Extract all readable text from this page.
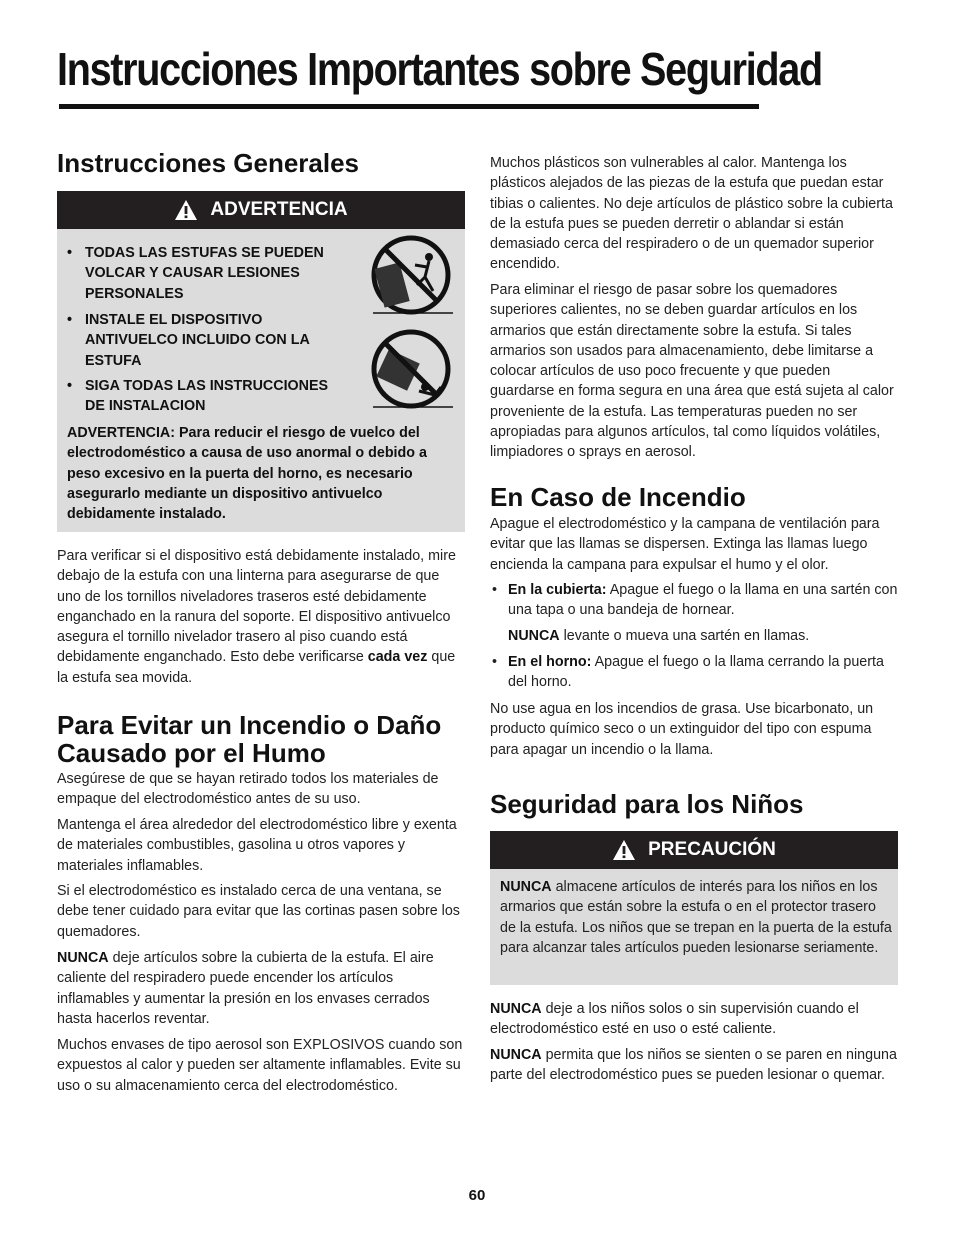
Instrucciones Importantes sobre Seguridad
Instrucciones Generales
ADVERTENCIA

• TODAS LAS ESTUFAS SE PUEDEN VOLCAR Y CAUSAR LESIONES PERSONALES

• INSTALE EL DISPOSITIVO ANTIVUELCO INCLUIDO CON LA ESTUFA

• SIGA TODAS LAS INSTRUCCIONES DE INSTALACION

ADVERTENCIA: Para reducir el riesgo de vuelco del electrodoméstico a causa de uso anormal o debido a peso excesivo en la puerta del horno, es necesario asegurarlo mediante un dispositivo antivuelco debidamente instalado.

Para verificar si el dispositivo está debidamente instalado, mire debajo de la estufa con una linterna para asegurarse de que uno de los tornillos niveladores traseros esté debidamente enganchado en la ranura del soporte. El dispositivo antivuelco asegura el tornillo nivelador trasero al piso cuando está debidamente enganchado. Esto debe verificarse cada vez que la estufa sea movida.

Para Evitar un Incendio o Daño Causado por el Humo

Asegúrese de que se hayan retirado todos los materiales de empaque del electrodoméstico antes de su uso.

Mantenga el área alrededor del electrodoméstico libre y exenta de materiales combustibles, gasolina u otros vapores y materiales inflamables.

Si el electrodoméstico es instalado cerca de una ventana, se debe tener cuidado para evitar que las cortinas pasen sobre los quemadores.

NUNCA deje artículos sobre la cubierta de la estufa. El aire caliente del respiradero puede encender los artículos inflamables y aumentar la presión en los envases cerrados hasta hacerlos reventar.

Muchos envases de tipo aerosol son EXPLOSIVOS cuando son expuestos al calor y pueden ser altamente inflamables. Evite su uso o su almacenamiento cerca del electrodoméstico.

Muchos plásticos son vulnerables al calor. Mantenga los plásticos alejados de las piezas de la estufa que puedan estar tibias o calientes. No deje artículos de plástico sobre la cubierta de la estufa pues se pueden derretir o ablandar si están demasiado cerca del respiradero o de un quemador superior encendido.

Para eliminar el riesgo de pasar sobre los quemadores superiores calientes, no se deben guardar artículos en los armarios que están directamente sobre la estufa. Si tales armarios son usados para almacenamiento, debe limitarse a colocar artículos de uso poco frecuente y que pueden guardarse en forma segura en una área que está sujeta al calor proveniente de la estufa. Las temperaturas pueden no ser apropiadas para algunos artículos, tal como líquidos volátiles, limpiadores o sprays en aerosol.

En Caso de Incendio

Apague el electrodoméstico y la campana de ventilación para evitar que las llamas se dispersen. Extinga las llamas luego encienda la campana para expulsar el humo y el olor.

• En la cubierta: Apague el fuego o la llama en una sartén con una tapa o una bandeja de hornear.

NUNCA levante o mueva una sartén en llamas.

• En el horno: Apague el fuego o la llama cerrando la puerta del horno.

No use agua en los incendios de grasa. Use bicarbonato, un producto químico seco o un extinguidor del tipo con espuma para apagar un incendio o la llama.

Seguridad para los Niños
PRECAUCIÓN

NUNCA almacene artículos de interés para los niños en los armarios que están sobre la estufa o en el protector trasero de la estufa. Los niños que se trepan en la puerta de la estufa para alcanzar tales artículos pueden lesionarse seriamente.

NUNCA deje a los niños solos o sin supervisión cuando el electrodoméstico esté en uso o esté caliente.

NUNCA permita que los niños se sienten o se paren en ninguna parte del electrodoméstico pues se pueden lesionar o quemar.

60
